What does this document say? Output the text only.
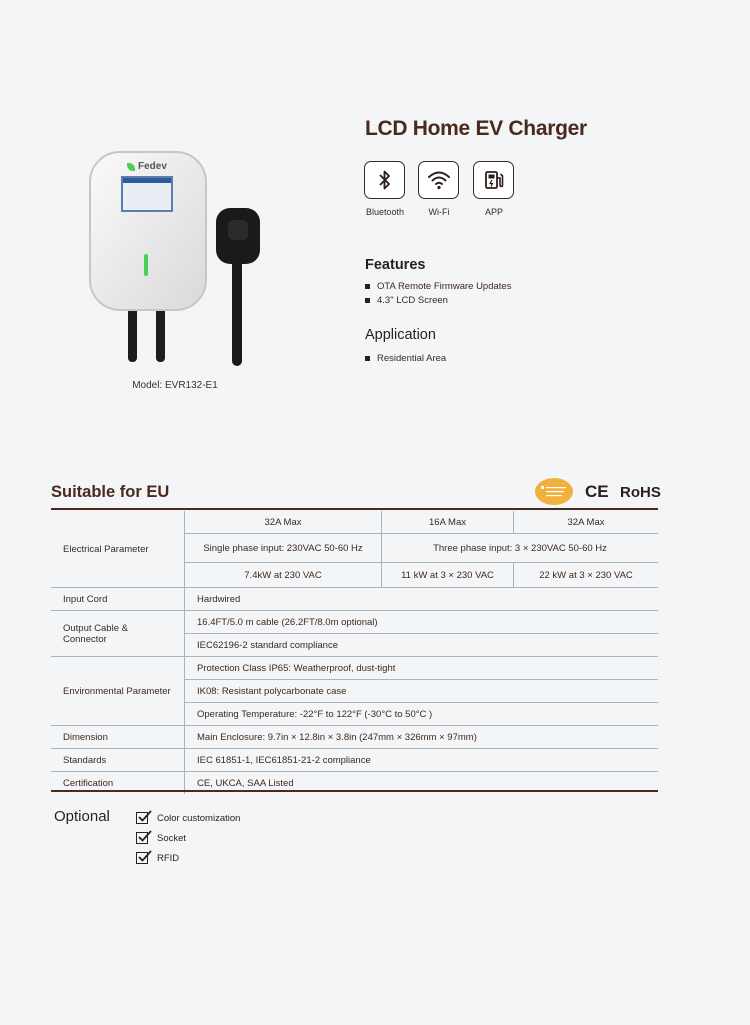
Fedev
Model: EVR132-E1
LCD Home EV Charger
Bluetooth	Wi-Fi	APP
Features
OTA Remote Firmware Updates
4.3" LCD Screen
Application
Residential Area
Suitable for EU	CE RoHS
Electrical Parameter	32A Max	16A Max	32A Max
	Single phase input: 230VAC 50-60 Hz	Three phase input: 3 × 230VAC 50-60 Hz	
	7.4kW at 230 VAC	11 kW at 3 × 230 VAC	22 kW at 3 × 230 VAC
Input Cord	Hardwired		
Output Cable & Connector	16.4FT/5.0 m cable (26.2FT/8.0m optional)		
	IEC62196-2 standard compliance		
Environmental Parameter	Protection Class IP65: Weatherproof, dust-tight		
	IK08: Resistant polycarbonate case		
	Operating Temperature: -22°F to 122°F (-30°C to 50°C )		
Dimension	Main Enclosure: 9.7in × 12.8in × 3.8in (247mm × 326mm × 97mm)		
Standards	IEC 61851-1, IEC61851-21-2 compliance		
Certification	CE, UKCA, SAA Listed		
Optional	Color customization
Socket
RFID
